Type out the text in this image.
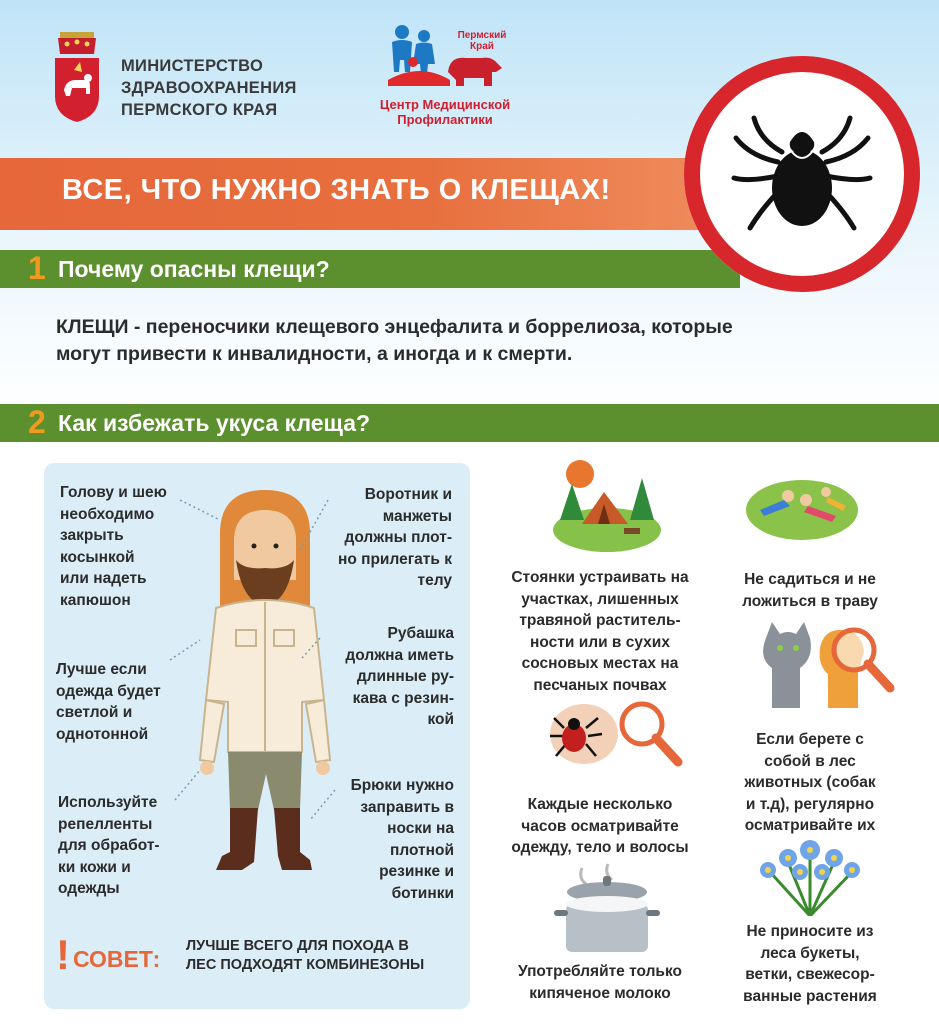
МИНИСТЕРСТВО
ЗДРАВООХРАНЕНИЯ
ПЕРМСКОГО КРАЯ
Пермский
Край
Центр Медицинской
Профилактики
ВСЕ, ЧТО НУЖНО ЗНАТЬ О КЛЕЩАХ!
1 Почему опасны клещи?
КЛЕЩИ - переносчики клещевого энцефалита и боррелиоза, которые
могут привести к инвалидности, а иногда и к смерти.
2 Как избежать укуса клеща?
Голову и шею
необходимо
закрыть
косынкой
или надеть
капюшон
Лучше если
одежда будет
светлой и
однотонной
Используйте
репелленты
для обработ-
ки кожи и
одежды
Воротник и
манжеты
должны плот-
но прилегать к
телу
Рубашка
должна иметь
длинные ру-
кава с резин-
кой
Брюки нужно
заправить в
носки на
плотной
резинке и
ботинки
! СОВЕТ: ЛУЧШЕ ВСЕГО ДЛЯ ПОХОДА В
ЛЕС ПОДХОДЯТ КОМБИНЕЗОНЫ
Стоянки устраивать на
участках, лишенных
травяной раститель-
ности или в сухих
сосновых местах на
песчаных почвах
Не садиться и не
ложиться в траву
Каждые несколько
часов осматривайте
одежду, тело и волосы
Если берете с
собой в лес
животных (собак
и т.д), регулярно
осматривайте их
Употребляйте только
кипяченое молоко
Не приносите из
леса букеты,
ветки, свежесор-
ванные растения
